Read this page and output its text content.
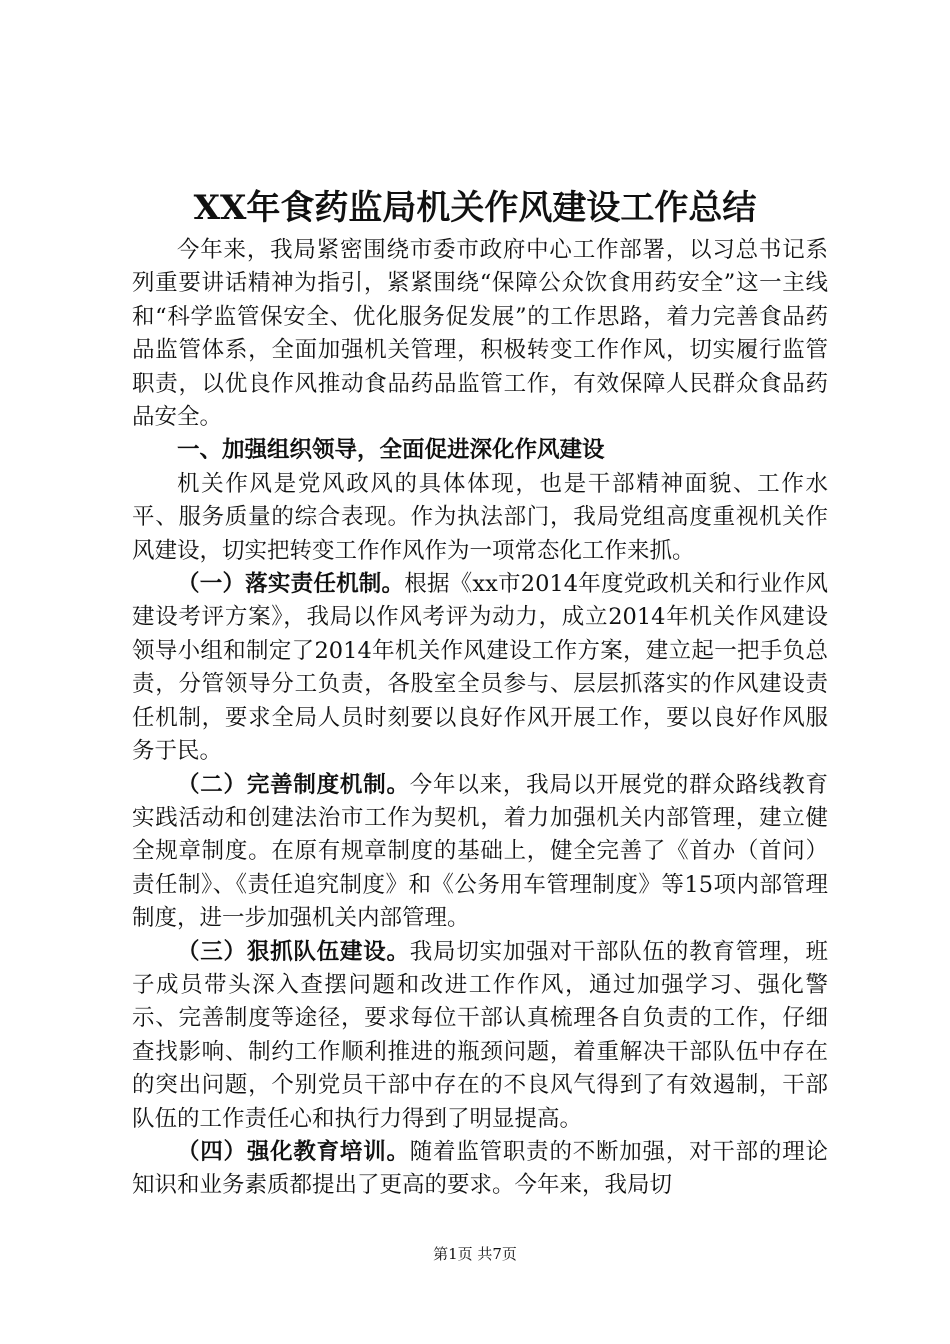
XX年食药监局机关作风建设工作总结

今年来，我局紧密围绕市委市政府中心工作部署，以习总书记系列重要讲话精神为指引，紧紧围绕“保障公众饮食用药安全”这一主线和“科学监管保安全、优化服务促发展”的工作思路，着力完善食品药品监管体系，全面加强机关管理，积极转变工作作风，切实履行监管职责，以优良作风推动食品药品监管工作，有效保障人民群众食品药品安全。

一、加强组织领导，全面促进深化作风建设

机关作风是党风政风的具体体现，也是干部精神面貌、工作水平、服务质量的综合表现。作为执法部门，我局党组高度重视机关作风建设，切实把转变工作作风作为一项常态化工作来抓。

（一）落实责任机制。根据《xx市2014年度党政机关和行业作风建设考评方案》，我局以作风考评为动力，成立2014年机关作风建设领导小组和制定了2014年机关作风建设工作方案，建立起一把手负总责，分管领导分工负责，各股室全员参与、层层抓落实的作风建设责任机制，要求全局人员时刻要以良好作风开展工作，要以良好作风服务于民。

（二）完善制度机制。今年以来，我局以开展党的群众路线教育实践活动和创建法治市工作为契机，着力加强机关内部管理，建立健全规章制度。在原有规章制度的基础上，健全完善了《首办（首问）责任制》、《责任追究制度》和《公务用车管理制度》等15项内部管理制度，进一步加强机关内部管理。

（三）狠抓队伍建设。我局切实加强对干部队伍的教育管理，班子成员带头深入查摆问题和改进工作作风，通过加强学习、强化警示、完善制度等途径，要求每位干部认真梳理各自负责的工作，仔细查找影响、制约工作顺利推进的瓶颈问题，着重解决干部队伍中存在的突出问题，个别党员干部中存在的不良风气得到了有效遏制，干部队伍的工作责任心和执行力得到了明显提高。

（四）强化教育培训。随着监管职责的不断加强，对干部的理论知识和业务素质都提出了更高的要求。今年来，我局切

第1页 共7页
